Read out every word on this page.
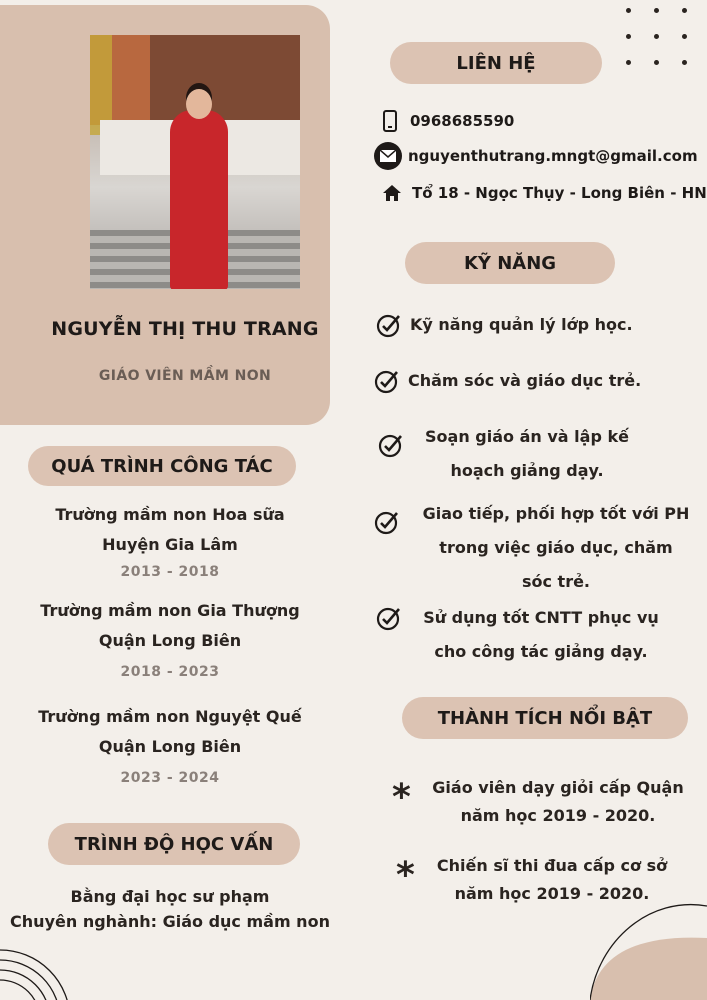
NGUYỄN THỊ THU TRANG
GIÁO VIÊN MẦM NON
QUÁ TRÌNH CÔNG TÁC
Trường mầm non Hoa sữa
Huyện Gia Lâm
2013 - 2018
Trường mầm non Gia Thượng
Quận Long Biên
2018 - 2023
Trường mầm non Nguyệt Quế
Quận Long Biên
2023 - 2024
TRÌNH ĐỘ HỌC VẤN
Bằng đại học sư phạm
Chuyên nghành: Giáo dục mầm non
LIÊN HỆ
0968685590
nguyenthutrang.mngt@gmail.com
Tổ 18 - Ngọc Thụy - Long Biên - HN
KỸ NĂNG
Kỹ năng quản lý lớp học.
Chăm sóc và giáo dục trẻ.
Soạn giáo án và lập kế
hoạch giảng dạy.
Giao tiếp, phối hợp tốt với PH
trong việc giáo dục, chăm
sóc trẻ.
Sử dụng tốt CNTT phục vụ
cho công tác giảng dạy.
THÀNH TÍCH NỔI BẬT
*	Giáo viên dạy giỏi cấp Quận
năm học 2019 - 2020.
*	Chiến sĩ thi đua cấp cơ sở
năm học 2019 - 2020.
